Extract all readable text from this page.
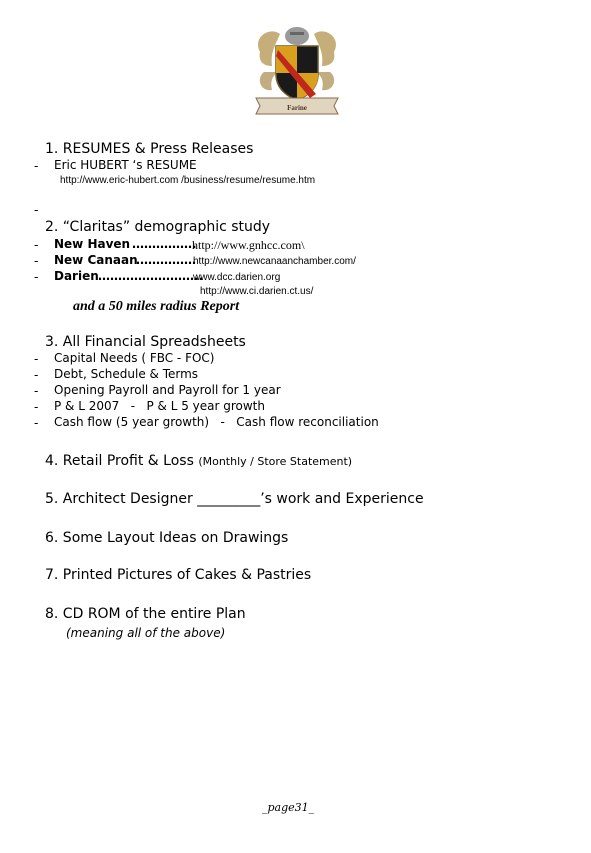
Farine
1. RESUMES & Press Releases
- Eric HUBERT ‘s RESUME
http://www.eric-hubert.com /business/resume/resume.htm
-
2. “Claritas” demographic study
- New Haven …………….
http://www.gnhcc.com\
- New Canaan
……………
http://www.newcanaanchamber.com/
- Darien ……………………..
www.dcc.darien.org
http://www.ci.darien.ct.us/
and a 50 miles radius Report
3. All Financial Spreadsheets
- Capital Needs ( FBC - FOC)
- Debt, Schedule & Terms
- Opening Payroll and Payroll for 1 year
- P & L 2007   -   P & L 5 year growth
- Cash flow (5 year growth)   -   Cash flow reconciliation
4. Retail Profit & Loss (Monthly / Store Statement)
5. Architect Designer _________’s work and Experience
6. Some Layout Ideas on Drawings
7. Printed Pictures of Cakes & Pastries
8. CD ROM of the entire Plan
(meaning all of the above)
_page31_
